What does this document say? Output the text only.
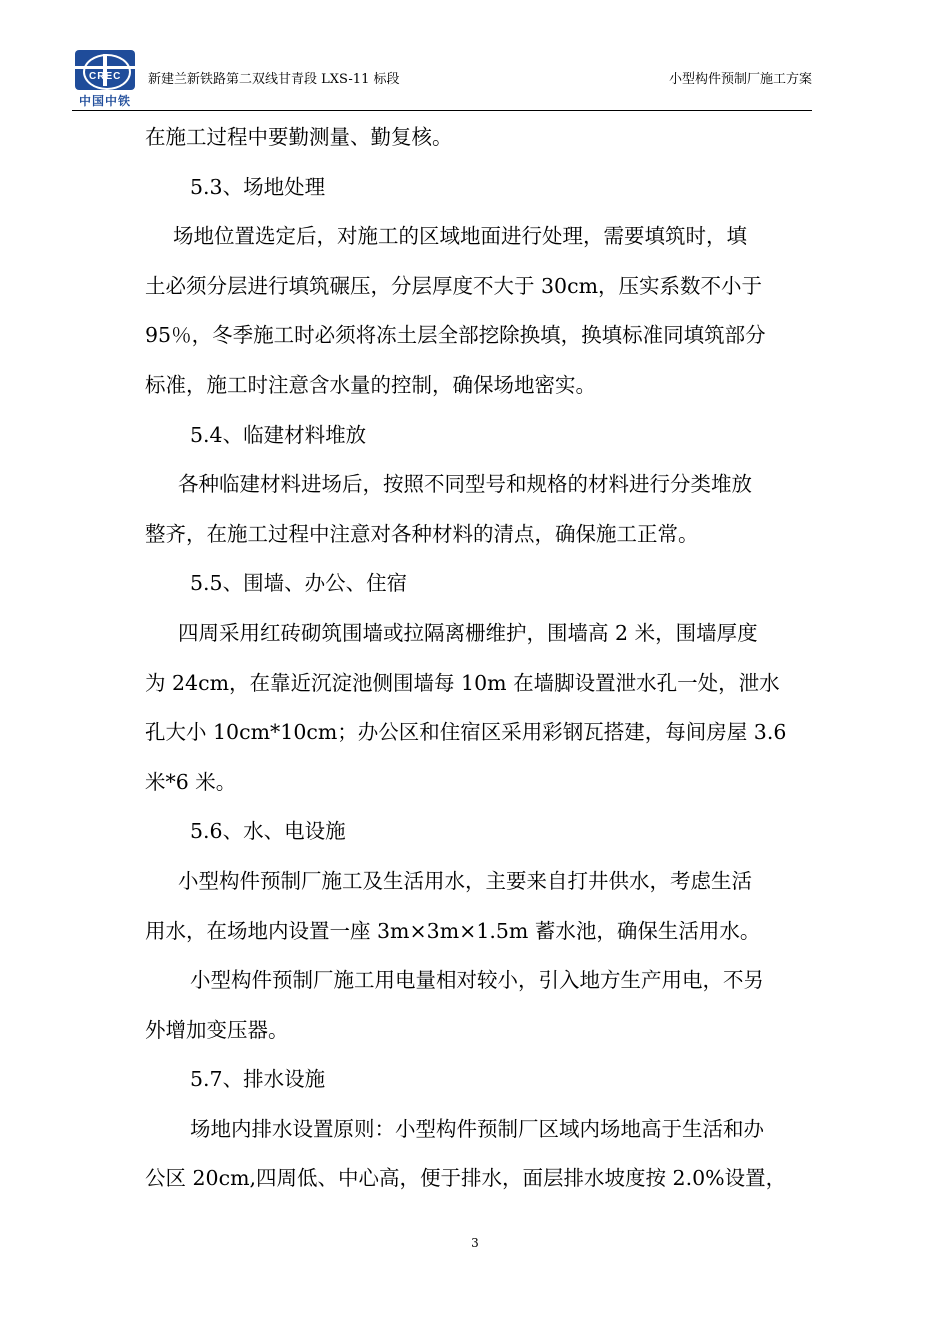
CREC
中国中铁
新建兰新铁路第二双线甘青段 LXS-11 标段	小型构件预制厂施工方案
在施工过程中要勤测量、勤复核。
5.3、场地处理
场地位置选定后，对施工的区域地面进行处理，需要填筑时，填
土必须分层进行填筑碾压，分层厚度不大于 30cm，压实系数不小于
95％，冬季施工时必须将冻土层全部挖除换填，换填标准同填筑部分
标准，施工时注意含水量的控制，确保场地密实。
5.4、临建材料堆放
各种临建材料进场后，按照不同型号和规格的材料进行分类堆放
整齐，在施工过程中注意对各种材料的清点，确保施工正常。
5.5、围墙、办公、住宿
四周采用红砖砌筑围墙或拉隔离栅维护，围墙高 2 米，围墙厚度
为 24cm，在靠近沉淀池侧围墙每 10m 在墙脚设置泄水孔一处，泄水
孔大小 10cm*10cm；办公区和住宿区采用彩钢瓦搭建，每间房屋 3.6
米*6 米。
5.6、水、电设施
小型构件预制厂施工及生活用水，主要来自打井供水，考虑生活
用水，在场地内设置一座 3m×3m×1.5m 蓄水池，确保生活用水。
小型构件预制厂施工用电量相对较小，引入地方生产用电，不另
外增加变压器。
5.7、排水设施
场地内排水设置原则：小型构件预制厂区域内场地高于生活和办
公区 20cm,四周低、中心高，便于排水，面层排水坡度按 2.0%设置，
3
